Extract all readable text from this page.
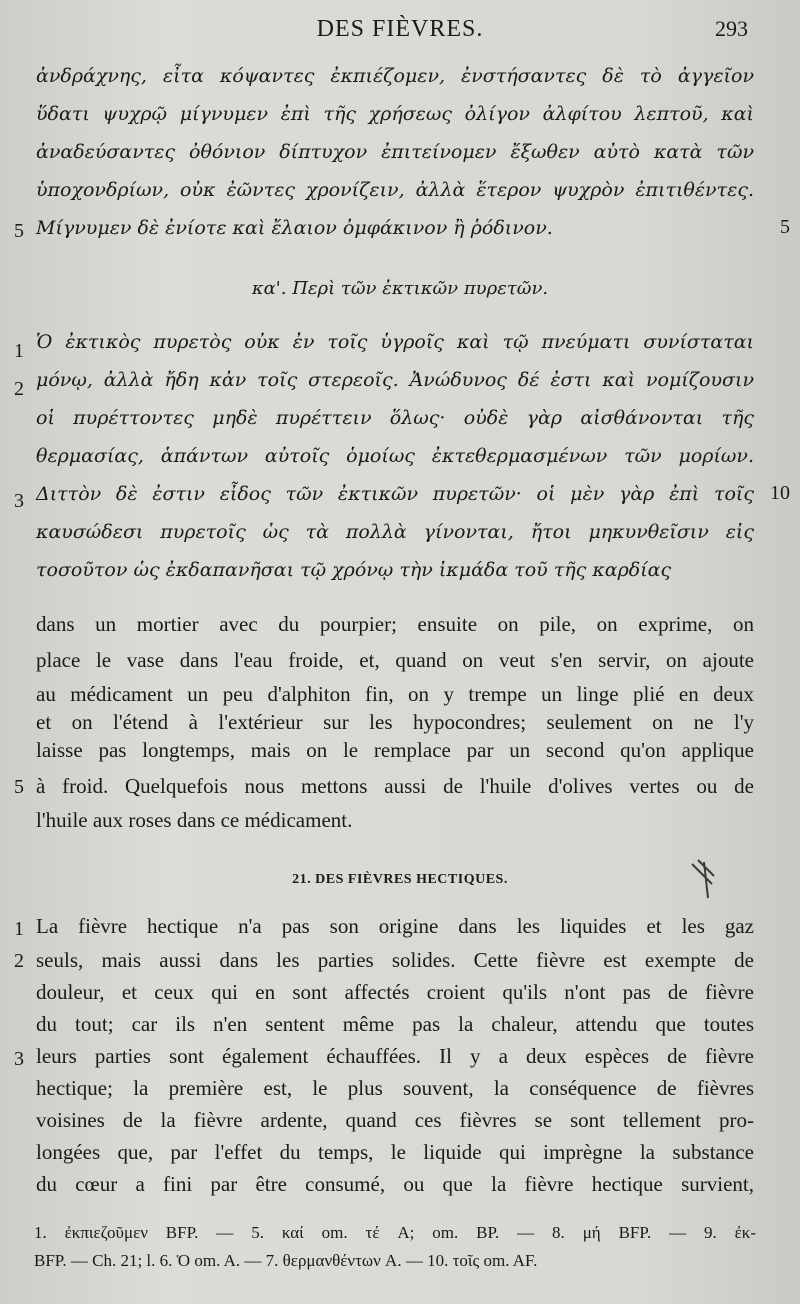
DES FIÈVRES.	293
ἀνδράχνης, εἶτα κόψαντες ἐκπιέζομεν, ἐνστήσαντες δὲ τὸ ἀγγεῖον
ὕδατι ψυχρῷ μίγνυμεν ἐπὶ τῆς χρήσεως ὀλίγον ἀλφίτου λεπτοῦ, καὶ
ἀναδεύσαντες ὀθόνιον δίπτυχον ἐπιτείνομεν ἔξωθεν αὐτὸ κατὰ τῶν
ὑποχονδρίων, οὐκ ἐῶντες χρονίζειν, ἀλλὰ ἕτερον ψυχρὸν ἐπιτιθέντες.
Μίγνυμεν δὲ ἐνίοτε καὶ ἔλαιον ὀμφάκινον ἢ ῥόδινον.
5	5
κα'. Περὶ τῶν ἐκτικῶν πυρετῶν.
1 Ὁ ἐκτικὸς πυρετὸς οὐκ ἐν τοῖς ὑγροῖς καὶ τῷ πνεύματι συνίσταται
2 μόνῳ, ἀλλὰ ἤδη κἀν τοῖς στερεοῖς. Ἀνώδυνος δέ ἐστι καὶ νομίζουσιν
οἱ πυρέττοντες μηδὲ πυρέττειν ὅλως· οὐδὲ γὰρ αἰσθάνονται τῆς
θερμασίας, ἁπάντων αὐτοῖς ὁμοίως ἐκτεθερμασμένων τῶν μορίων.
3 Διττὸν δὲ ἐστιν εἶδος τῶν ἐκτικῶν πυρετῶν· οἱ μὲν γὰρ ἐπὶ τοῖς 10
καυσώδεσι πυρετοῖς ὡς τὰ πολλὰ γίνονται, ἤτοι μηκυνθεῖσιν εἰς
τοσοῦτον ὡς ἐκδαπανῆσαι τῷ χρόνῳ τὴν ἰκμάδα τοῦ τῆς καρδίας
dans un mortier avec du pourpier; ensuite on pile, on exprime, on
place le vase dans l'eau froide, et, quand on veut s'en servir, on ajoute
au médicament un peu d'alphiton fin, on y trempe un linge plié en deux
et on l'étend à l'extérieur sur les hypocondres; seulement on ne l'y
laisse pas longtemps, mais on le remplace par un second qu'on applique
5 à froid. Quelquefois nous mettons aussi de l'huile d'olives vertes ou de
l'huile aux roses dans ce médicament.
21. DES FIÈVRES HECTIQUES.
1 La fièvre hectique n'a pas son origine dans les liquides et les gaz
2 seuls, mais aussi dans les parties solides. Cette fièvre est exempte de
douleur, et ceux qui en sont affectés croient qu'ils n'ont pas de fièvre
du tout; car ils n'en sentent même pas la chaleur, attendu que toutes
3 leurs parties sont également échauffées. Il y a deux espèces de fièvre
hectique; la première est, le plus souvent, la conséquence de fièvres
voisines de la fièvre ardente, quand ces fièvres se sont tellement pro-
longées que, par l'effet du temps, le liquide qui imprègne la substance
du cœur a fini par être consumé, ou que la fièvre hectique survient,
1. ἐκπιεζοῦμεν BFP. — 5. καί om. τέ A; om. BP. — 8. μή BFP. — 9. ἐκ-
BFP. — Ch. 21; l. 6. Ὁ om. A. — 7. θερμανθέντων A. — 10. τοῖς om. AF.
